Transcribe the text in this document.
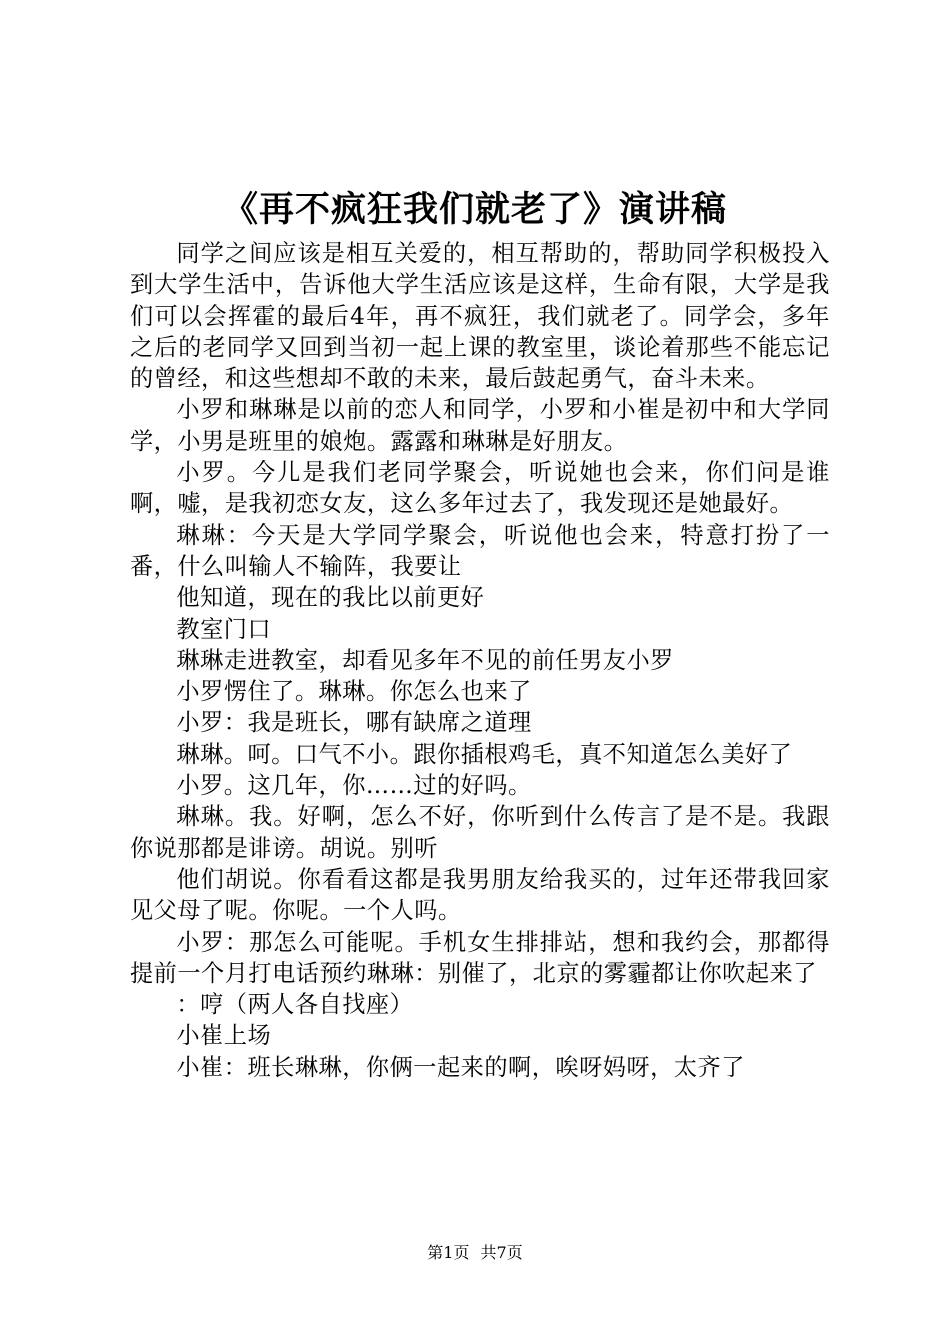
《再不疯狂我们就老了》演讲稿

同学之间应该是相互关爱的，相互帮助的，帮助同学积极投入到大学生活中，告诉他大学生活应该是这样，生命有限，大学是我们可以会挥霍的最后4年，再不疯狂，我们就老了。同学会，多年之后的老同学又回到当初一起上课的教室里，谈论着那些不能忘记的曾经，和这些想却不敢的未来，最后鼓起勇气，奋斗未来。

小罗和琳琳是以前的恋人和同学，小罗和小崔是初中和大学同学，小男是班里的娘炮。露露和琳琳是好朋友。

小罗。今儿是我们老同学聚会，听说她也会来，你们问是谁啊，嘘，是我初恋女友，这么多年过去了，我发现还是她最好。

琳琳：今天是大学同学聚会，听说他也会来，特意打扮了一番，什么叫输人不输阵，我要让

他知道，现在的我比以前更好

教室门口

琳琳走进教室，却看见多年不见的前任男友小罗

小罗愣住了。琳琳。你怎么也来了

小罗：我是班长，哪有缺席之道理

琳琳。呵。口气不小。跟你插根鸡毛，真不知道怎么美好了

小罗。这几年，你……过的好吗。

琳琳。我。好啊，怎么不好，你听到什么传言了是不是。我跟你说那都是诽谤。胡说。别听

他们胡说。你看看这都是我男朋友给我买的，过年还带我回家见父母了呢。你呢。一个人吗。

小罗：那怎么可能呢。手机女生排排站，想和我约会，那都得提前一个月打电话预约琳琳：别催了，北京的雾霾都让你吹起来了

：哼（两人各自找座）

小崔上场

小崔：班长琳琳，你俩一起来的啊，唉呀妈呀，太齐了

第1页 共7页
